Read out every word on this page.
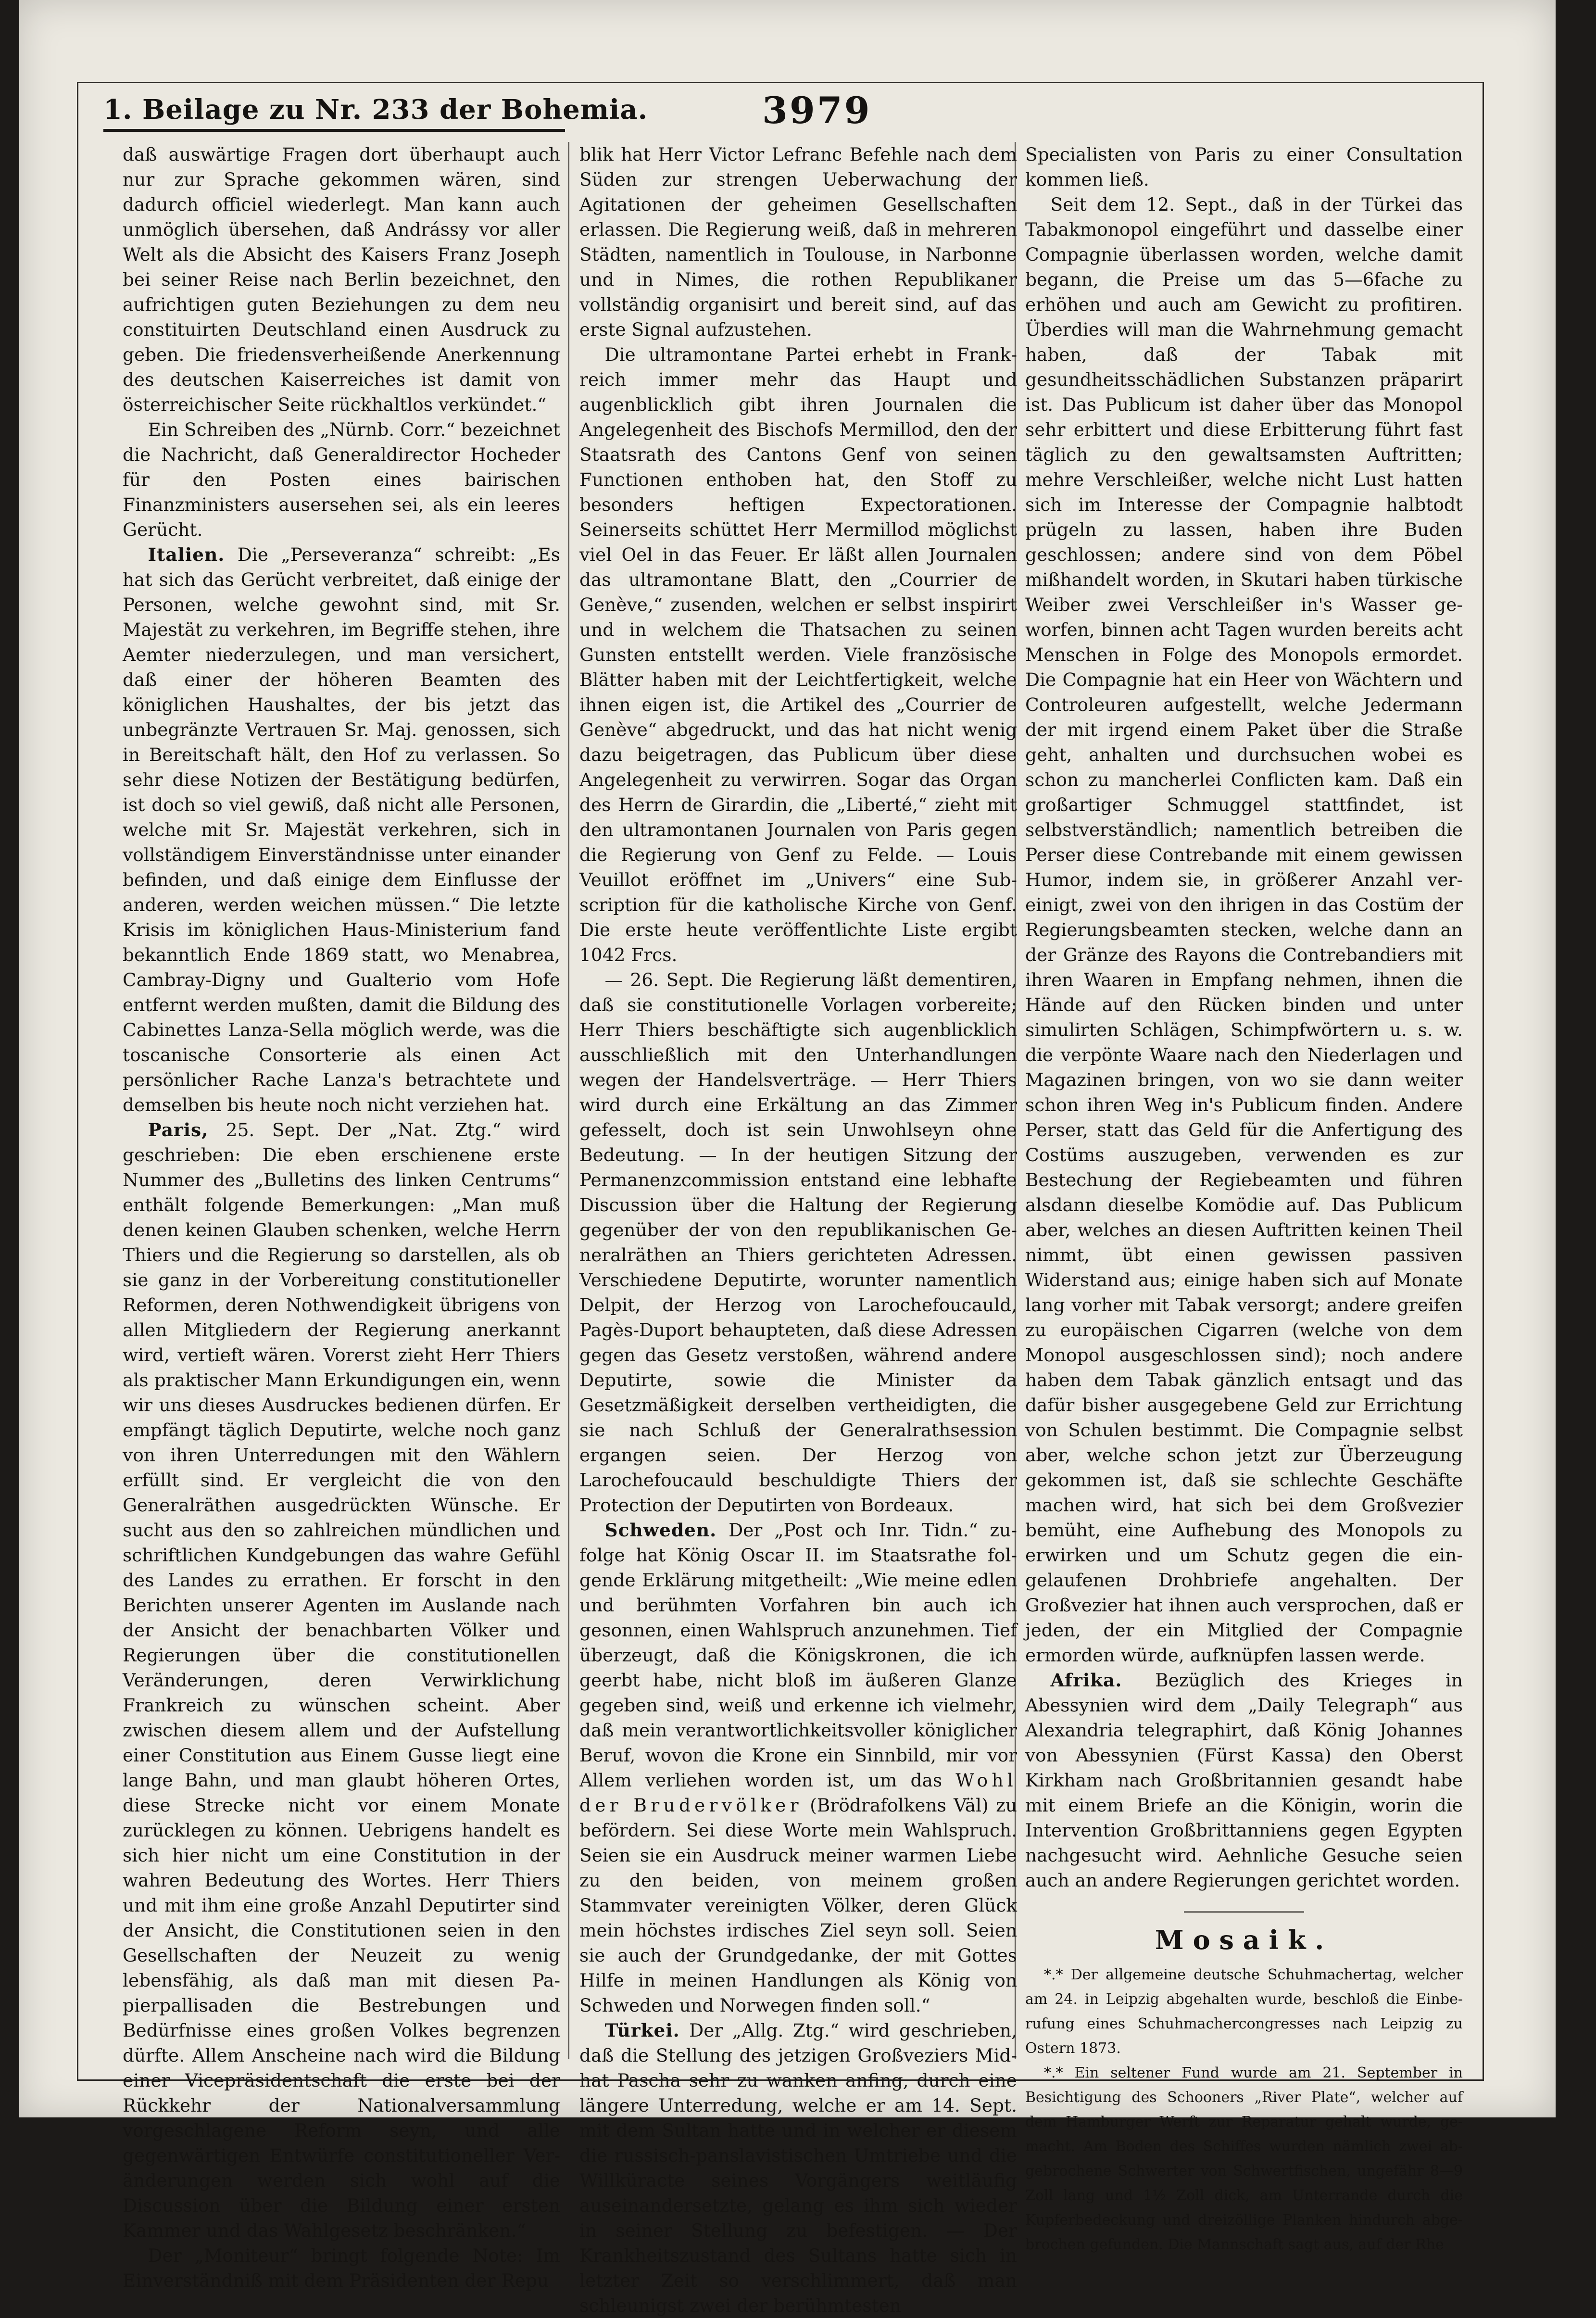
1. Beilage zu Nr. 233 der Bohemia.	3979

daß auswärtige Fragen dort überhaupt auch nur zur Sprache gekommen wären, sind dadurch officiel wiederlegt. Man kann auch unmöglich übersehen, daß Andrássy vor aller Welt als die Absicht des Kaisers Franz Joseph bei seiner Reise nach Berlin bezeichnet, den aufrichtigen guten Beziehungen zu dem neu constituirten Deutschland einen Ausdruck zu geben. Die friedensverheißende Anerkennung des deutschen Kaiserreiches ist damit von österreichischer Seite rückhaltlos verkündet.“

Ein Schreiben des „Nürnb. Corr.“ bezeichnet die Nachricht, daß Generaldirector Hocheder für den Posten eines bairischen Finanzministers ausersehen sei, als ein leeres Gerücht.

Italien. Die „Perseveranza“ schreibt: „Es hat sich das Gerücht verbreitet, daß einige der Personen, welche gewohnt sind, mit Sr. Majestät zu verkehren, im Begriffe stehen, ihre Aemter niederzulegen, und man versichert, daß einer der höheren Beamten des königlichen Haushaltes, der bis jetzt das unbegränzte Vertrauen Sr. Maj. genossen, sich in Bereitschaft hält, den Hof zu verlassen. So sehr diese Notizen der Bestätigung bedürfen, ist doch so viel gewiß, daß nicht alle Personen, welche mit Sr. Majestät verkehren, sich in vollständigem Einverständnisse unter einander befinden, und daß einige dem Einflusse der anderen, werden weichen müssen.“ Die letzte Krisis im königlichen Haus-Ministerium fand bekanntlich Ende 1869 statt, wo Menabrea, Cambray-Digny und Gualterio vom Hofe entfernt werden mußten, damit die Bildung des Cabinettes Lanza-Sella möglich werde, was die toscanische Consorterie als einen Act persönlicher Rache Lanza's betrachtete und demselben bis heute noch nicht verziehen hat.

Paris, 25. Sept. Der „Nat. Ztg.“ wird geschrieben: Die eben erschienene erste Nummer des „Bulletins des linken Centrums“ enthält folgende Bemerkungen: „Man muß denen keinen Glauben schenken, welche Herrn Thiers und die Regierung so darstellen, als ob sie ganz in der Vorbereitung constitutioneller Reformen, deren Nothwendigkeit übrigens von allen Mitgliedern der Regierung anerkannt wird, vertieft wären. Vorerst zieht Herr Thiers als praktischer Mann Erkundigungen ein, wenn wir uns dieses Ausdruckes bedienen dürfen. Er empfängt täglich Deputirte, welche noch ganz von ihren Unterredungen mit den Wählern erfüllt sind. Er vergleicht die von den Generalräthen ausgedrückten Wünsche. Er sucht aus den so zahlreichen mündlichen und schriftlichen Kundgebungen das wahre Gefühl des Landes zu errathen. Er forscht in den Berichten unserer Agenten im Auslande nach der Ansicht der benachbarten Völker und Regierungen über die constitutionellen Veränderungen, deren Verwirklichung Frankreich zu wünschen scheint. Aber zwischen diesem allem und der Aufstellung einer Constitution aus Einem Gusse liegt eine lange Bahn, und man glaubt höheren Ortes, diese Strecke nicht vor einem Monate zurücklegen zu können. Uebrigens handelt es sich hier nicht um eine Constitution in der wahren Bedeutung des Wortes. Herr Thiers und mit ihm eine große Anzahl Deputirter sind der Ansicht, die Constitutionen seien in den Gesellschaften der Neuzeit zu wenig lebensfähig, als daß man mit diesen Papierpallisaden die Bestrebungen und Bedürfnisse eines großen Volkes begrenzen dürfte. Allem Anscheine nach wird die Bildung einer Vicepräsidentschaft die erste bei der Rückkehr der Nationalversammlung vorgeschlagene Reform seyn, und alle gegenwärtigen Entwürfe constitutioneller Veränderungen werden sich wohl auf die Discussion über die Bildung einer ersten Kammer und das Wahlgesetz beschränken.“

Der „Moniteur“ bringt folgende Note: Im Einverständniß mit dem Präsidenten der Repu

blik hat Herr Victor Lefranc Befehle nach dem Süden zur strengen Ueberwachung der Agitationen der geheimen Gesellschaften erlassen. Die Regierung weiß, daß in mehreren Städten, namentlich in Toulouse, in Narbonne und in Nimes, die rothen Republikaner vollständig organisirt und bereit sind, auf das erste Signal aufzustehen.

Die ultramontane Partei erhebt in Frankreich immer mehr das Haupt und augenblicklich gibt ihren Journalen die Angelegenheit des Bischofs Mermillod, den der Staatsrath des Cantons Genf von seinen Functionen enthoben hat, den Stoff zu besonders heftigen Expectorationen. Seinerseits schüttet Herr Mermillod möglichst viel Oel in das Feuer. Er läßt allen Journalen das ultramontane Blatt, den „Courrier de Genève,“ zusenden, welchen er selbst inspirirt und in welchem die Thatsachen zu seinen Gunsten entstellt werden. Viele französische Blätter haben mit der Leichtfertigkeit, welche ihnen eigen ist, die Artikel des „Courrier de Genève“ abgedruckt, und das hat nicht wenig dazu beigetragen, das Publicum über diese Angelegenheit zu verwirren. Sogar das Organ des Herrn de Girardin, die „Liberté,“ zieht mit den ultramontanen Journalen von Paris gegen die Regierung von Genf zu Felde. — Louis Veuillot eröffnet im „Univers“ eine Subscription für die katholische Kirche von Genf. Die erste heute veröffentlichte Liste ergibt 1042 Frcs.

— 26. Sept. Die Regierung läßt dementiren, daß sie constitutionelle Vorlagen vorbereite; Herr Thiers beschäftigte sich augenblicklich ausschließlich mit den Unterhandlungen wegen der Handelsverträge. — Herr Thiers wird durch eine Erkältung an das Zimmer gefesselt, doch ist sein Unwohlseyn ohne Bedeutung. — In der heutigen Sitzung der Permanenzcommission entstand eine lebhafte Discussion über die Haltung der Regierung gegenüber der von den republikanischen Generalräthen an Thiers gerichteten Adressen. Verschiedene Deputirte, worunter namentlich Delpit, der Herzog von Larochefoucauld, Pagès-Duport behaupteten, daß diese Adressen gegen das Gesetz verstoßen, während andere Deputirte, sowie die Minister da Gesetzmäßigkeit derselben vertheidigten, die sie nach Schluß der Generalrathsession ergangen seien. Der Herzog von Larochefoucauld beschuldigte Thiers der Protection der Deputirten von Bordeaux.

Schweden. Der „Post och Inr. Tidn.“ zufolge hat König Oscar II. im Staatsrathe folgende Erklärung mitgetheilt: „Wie meine edlen und berühmten Vorfahren bin auch ich gesonnen, einen Wahlspruch anzunehmen. Tief überzeugt, daß die Königskronen, die ich geerbt habe, nicht bloß im äußeren Glanze gegeben sind, weiß und erkenne ich vielmehr, daß mein verantwortlichkeitsvoller königlicher Beruf, wovon die Krone ein Sinnbild, mir vor Allem verliehen worden ist, um das Wohl der Brudervölker (Brödrafolkens Väl) zu befördern. Sei diese Worte mein Wahlspruch. Seien sie ein Ausdruck meiner warmen Liebe zu den beiden, von meinem großen Stammvater vereinigten Völker, deren Glück mein höchstes irdisches Ziel seyn soll. Seien sie auch der Grundgedanke, der mit Gottes Hilfe in meinen Handlungen als König von Schweden und Norwegen finden soll.“

Türkei. Der „Allg. Ztg.“ wird geschrieben, daß die Stellung des jetzigen Großveziers Midhat Pascha sehr zu wanken anfing, durch eine längere Unterredung, welche er am 14. Sept. mit dem Sultan hatte und in welcher er diesem die russisch-panslavistischen Umtriebe und die Willküracte seines Vorgängers weitläufig auseinandersetzte, gelang es ihm sich wieder in seiner Stellung zu befestigen. — Der Krankheitszustand des Sultans hatte sich in letzter Zeit so verschlimmert, daß man schleunigst zwei der berühmtesten

Specialisten von Paris zu einer Consultation kommen ließ.

Seit dem 12. Sept., daß in der Türkei das Tabakmonopol eingeführt und dasselbe einer Compagnie überlassen worden, welche damit begann, die Preise um das 5—6fache zu erhöhen und auch am Gewicht zu profitiren. Überdies will man die Wahrnehmung gemacht haben, daß der Tabak mit gesundheitsschädlichen Substanzen präparirt ist. Das Publicum ist daher über das Monopol sehr erbittert und diese Erbitterung führt fast täglich zu den gewaltsamsten Auftritten; mehre Verschleißer, welche nicht Lust hatten sich im Interesse der Compagnie halbtodt prügeln zu lassen, haben ihre Buden geschlossen; andere sind von dem Pöbel mißhandelt worden, in Skutari haben türkische Weiber zwei Verschleißer in's Wasser geworfen, binnen acht Tagen wurden bereits acht Menschen in Folge des Monopols ermordet. Die Compagnie hat ein Heer von Wächtern und Controleuren aufgestellt, welche Jedermann der mit irgend einem Paket über die Straße geht, anhalten und durchsuchen wobei es schon zu mancherlei Conflicten kam. Daß ein großartiger Schmuggel stattfindet, ist selbstverständlich; namentlich betreiben die Perser diese Contrebande mit einem gewissen Humor, indem sie, in größerer Anzahl vereinigt, zwei von den ihrigen in das Costüm der Regierungsbeamten stecken, welche dann an der Gränze des Rayons die Contrebandiers mit ihren Waaren in Empfang nehmen, ihnen die Hände auf den Rücken binden und unter simulirten Schlägen, Schimpfwörtern u. s. w. die verpönte Waare nach den Niederlagen und Magazinen bringen, von wo sie dann weiter schon ihren Weg in's Publicum finden. Andere Perser, statt das Geld für die Anfertigung des Costüms auszugeben, verwenden es zur Bestechung der Regiebeamten und führen alsdann dieselbe Komödie auf. Das Publicum aber, welches an diesen Auftritten keinen Theil nimmt, übt einen gewissen passiven Widerstand aus; einige haben sich auf Monate lang vorher mit Tabak versorgt; andere greifen zu europäischen Cigarren (welche von dem Monopol ausgeschlossen sind); noch andere haben dem Tabak gänzlich entsagt und das dafür bisher ausgegebene Geld zur Errichtung von Schulen bestimmt. Die Compagnie selbst aber, welche schon jetzt zur Überzeugung gekommen ist, daß sie schlechte Geschäfte machen wird, hat sich bei dem Großvezier bemüht, eine Aufhebung des Monopols zu erwirken und um Schutz gegen die eingelaufenen Drohbriefe angehalten. Der Großvezier hat ihnen auch versprochen, daß er jeden, der ein Mitglied der Compagnie ermorden würde, aufknüpfen lassen werde.

Afrika. Bezüglich des Krieges in Abessynien wird dem „Daily Telegraph“ aus Alexandria telegraphirt, daß König Johannes von Abessynien (Fürst Kassa) den Oberst Kirkham nach Großbritannien gesandt habe mit einem Briefe an die Königin, worin die Intervention Großbrittanniens gegen Egypten nachgesucht wird. Aehnliche Gesuche seien auch an andere Regierungen gerichtet worden.

Mosaik.

*.* Der allgemeine deutsche Schuhmachertag, welcher am 24. in Leipzig abgehalten wurde, beschloß die Einberufung eines Schuhmachercongresses nach Leipzig zu Ostern 1873.

*.* Ein seltener Fund wurde am 21. September in Besichtigung des Schooners „River Plate“, welcher auf dem Hamburger Werft zur Reparatur gehalt wurde, gemacht. Am Boden des Schiffes wurden nämlich zwei abgebrochene Schwerter von Schwertfischen, ungefähr 8—9 Zoll lang und 1½ Zoll dick, am Unterrande durch die Kupferbedeckung und dreizöllige Planken hindurch abgebrochen gefunden. Die Mannschaft sagt aus, auf der Rhe
